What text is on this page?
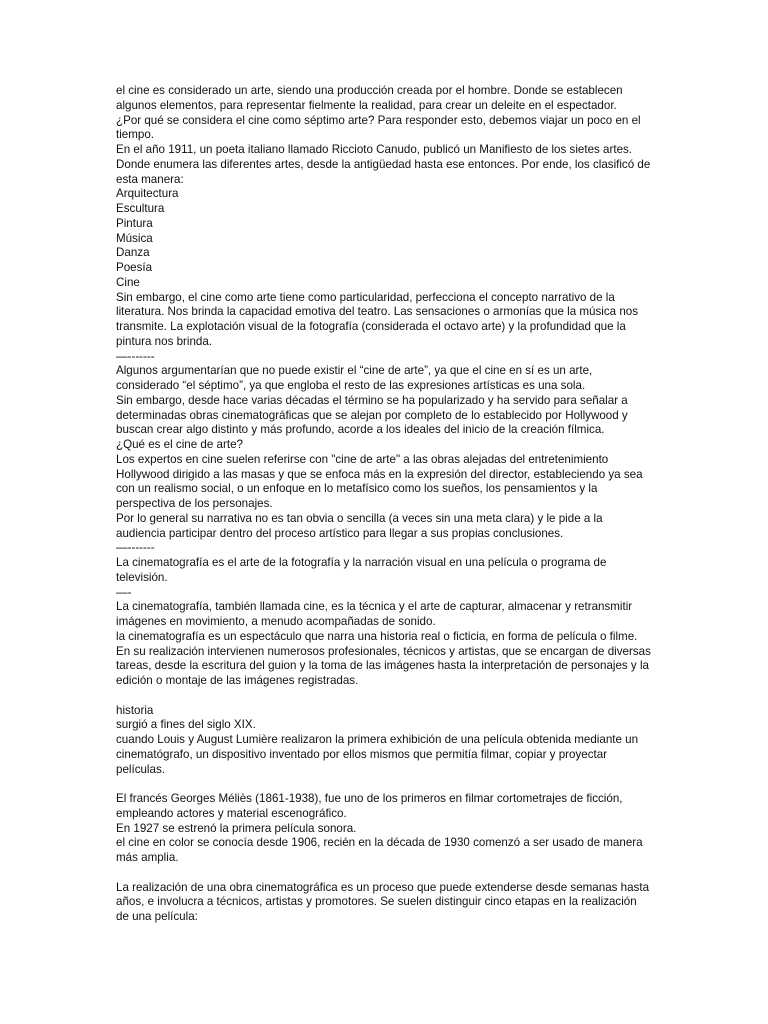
el cine es considerado un arte, siendo una producción creada por el hombre. Donde se establecen algunos elementos, para representar fielmente la realidad, para crear un deleite en el espectador.

¿Por qué se considera el cine como séptimo arte? Para responder esto, debemos viajar un poco en el tiempo.

En el año 1911, un poeta italiano llamado Riccioto Canudo, publicó un Manifiesto de los sietes artes. Donde enumera las diferentes artes, desde la antigüedad hasta ese entonces. Por ende, los clasificó de esta manera:

Arquitectura

Escultura

Pintura

Música

Danza

Poesía

Cine

Sin embargo, el cine como arte tiene como particularidad, perfecciona el concepto narrativo de la literatura. Nos brinda la capacidad emotiva del teatro. Las sensaciones o armonías que la música nos transmite. La explotación visual de la fotografía (considerada el octavo arte) y la profundidad que la pintura nos brinda.

—-------

Algunos argumentarían que no puede existir el “cine de arte”, ya que el cine en sí es un arte, considerado “el séptimo”, ya que engloba el resto de las expresiones artísticas es una sola.

Sin embargo, desde hace varias décadas el término se ha popularizado y ha servido para señalar a determinadas obras cinematográficas que se alejan por completo de lo establecido por Hollywood y buscan crear algo distinto y más profundo, acorde a los ideales del inicio de la creación fílmica.

¿Qué es el cine de arte?

Los expertos en cine suelen referirse con "cine de arte" a las obras alejadas del entretenimiento Hollywood dirigido a las masas y que se enfoca más en la expresión del director, estableciendo ya sea con un realismo social, o un enfoque en lo metafísico como los sueños, los pensamientos y la perspectiva de los personajes.

Por lo general su narrativa no es tan obvia o sencilla (a veces sin una meta clara) y le pide a la audiencia participar dentro del proceso artístico para llegar a sus propias conclusiones.

—-------

La cinematografía es el arte de la fotografía y la narración visual en una película o programa de televisión.

—-

La cinematografía, también llamada cine, es la técnica y el arte de capturar, almacenar y retransmitir imágenes en movimiento, a menudo acompañadas de sonido.

la cinematografía es un espectáculo que narra una historia real o ficticia, en forma de película o filme.

En su realización intervienen numerosos profesionales, técnicos y artistas, que se encargan de diversas tareas, desde la escritura del guion y la toma de las imágenes hasta la interpretación de personajes y la edición o montaje de las imágenes registradas.

historia

surgió a fines del siglo XIX.

cuando Louis y August Lumière realizaron la primera exhibición de una película obtenida mediante un cinematógrafo, un dispositivo inventado por ellos mismos que permitía filmar, copiar y proyectar películas.

El francés Georges Méliès (1861-1938), fue uno de los primeros en filmar cortometrajes de ficción, empleando actores y material escenográfico.

En 1927 se estrenó la primera película sonora.

el cine en color se conocía desde 1906, recién en la década de 1930 comenzó a ser usado de manera más amplia.

La realización de una obra cinematográfica es un proceso que puede extenderse desde semanas hasta años, e involucra a técnicos, artistas y promotores. Se suelen distinguir cinco etapas en la realización de una película:
